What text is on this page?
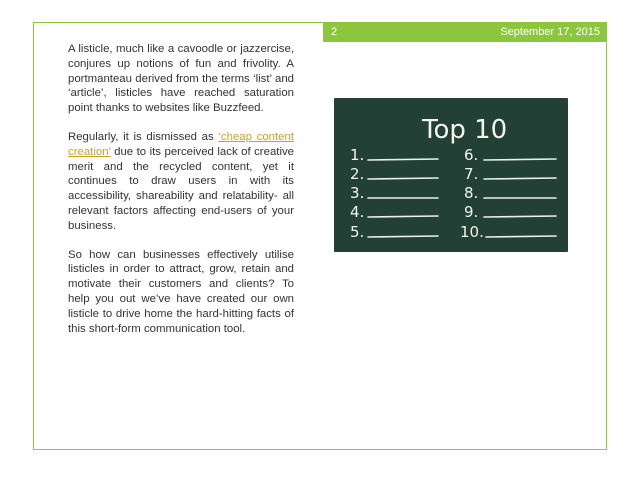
2	September 17, 2015

A listicle, much like a cavoodle or jazzercise, conjures up notions of fun and frivolity. A portmanteau derived from the terms ‘list’ and ‘article’, listicles have reached saturation point thanks to websites like Buzzfeed.

Regularly, it is dismissed as ‘cheap content creation’ due to its perceived lack of creative merit and the recycled content, yet it continues to draw users in with its accessibility, shareability and relatability- all relevant factors affecting end-users of your business.

So how can businesses effectively utilise listicles in order to attract, grow, retain and motivate their customers and clients? To help you out we’ve have created our own listicle to drive home the hard-hitting facts of this short-form communication tool.

Top 10
1.
2.
3.
4.
5.
6.
7.
8.
9.
10.
